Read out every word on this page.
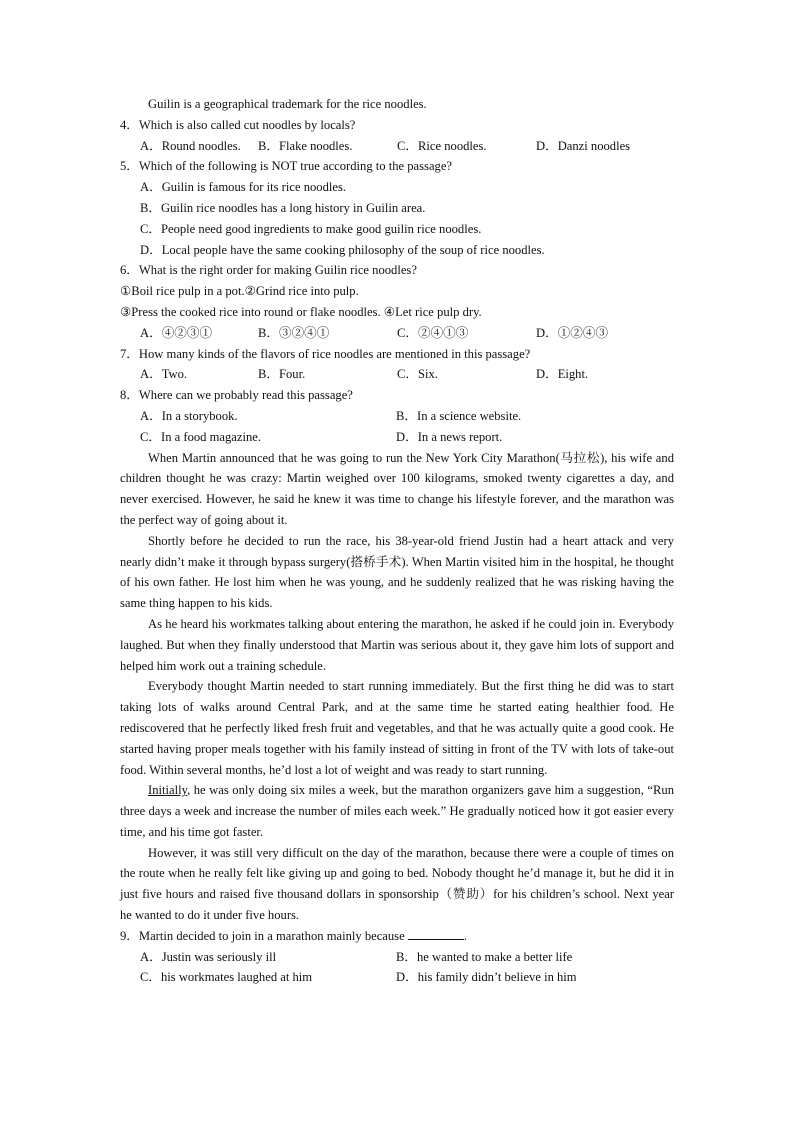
Guilin is a geographical trademark for the rice noodles.
4．Which is also called cut noodles by locals?
A．Round noodles.	B．Flake noodles.	C．Rice noodles.	D．Danzi noodles
5．Which of the following is NOT true according to the passage?
A．Guilin is famous for its rice noodles.
B．Guilin rice noodles has a long history in Guilin area.
C．People need good ingredients to make good guilin rice noodles.
D．Local people have the same cooking philosophy of the soup of rice noodles.
6．What is the right order for making Guilin rice noodles?
①Boil rice pulp in a pot.②Grind rice into pulp.
③Press the cooked rice into round or flake noodles. ④Let rice pulp dry.
A．④②③①	B．③②④①	C．②④①③	D．①②④③
7．How many kinds of the flavors of rice noodles are mentioned in this passage?
A．Two.	B．Four.	C．Six.	D．Eight.
8．Where can we probably read this passage?
A．In a storybook.	B．In a science website.
C．In a food magazine.	D．In a news report.

When Martin announced that he was going to run the New York City Marathon(马拉松), his wife and children thought he was crazy: Martin weighed over 100 kilograms, smoked twenty cigarettes a day, and never exercised. However, he said he knew it was time to change his lifestyle forever, and the marathon was the perfect way of going about it.

Shortly before he decided to run the race, his 38-year-old friend Justin had a heart attack and very nearly didn’t make it through bypass surgery(搭桥手术). When Martin visited him in the hospital, he thought of his own father. He lost him when he was young, and he suddenly realized that he was risking having the same thing happen to his kids.

As he heard his workmates talking about entering the marathon, he asked if he could join in. Everybody laughed. But when they finally understood that Martin was serious about it, they gave him lots of support and helped him work out a training schedule.

Everybody thought Martin needed to start running immediately. But the first thing he did was to start taking lots of walks around Central Park, and at the same time he started eating healthier food. He rediscovered that he perfectly liked fresh fruit and vegetables, and that he was actually quite a good cook. He started having proper meals together with his family instead of sitting in front of the TV with lots of take-out food. Within several months, he’d lost a lot of weight and was ready to start running.

Initially, he was only doing six miles a week, but the marathon organizers gave him a suggestion, “Run three days a week and increase the number of miles each week.” He gradually noticed how it got easier every time, and his time got faster.

However, it was still very difficult on the day of the marathon, because there were a couple of times on the route when he really felt like giving up and going to bed. Nobody thought he’d manage it, but he did it in just five hours and raised five thousand dollars in sponsorship（赞助）for his children’s school. Next year he wanted to do it under five hours.

9．Martin decided to join in a marathon mainly because	.
A．Justin was seriously ill	B．he wanted to make a better life
C．his workmates laughed at him	D．his family didn’t believe in him
